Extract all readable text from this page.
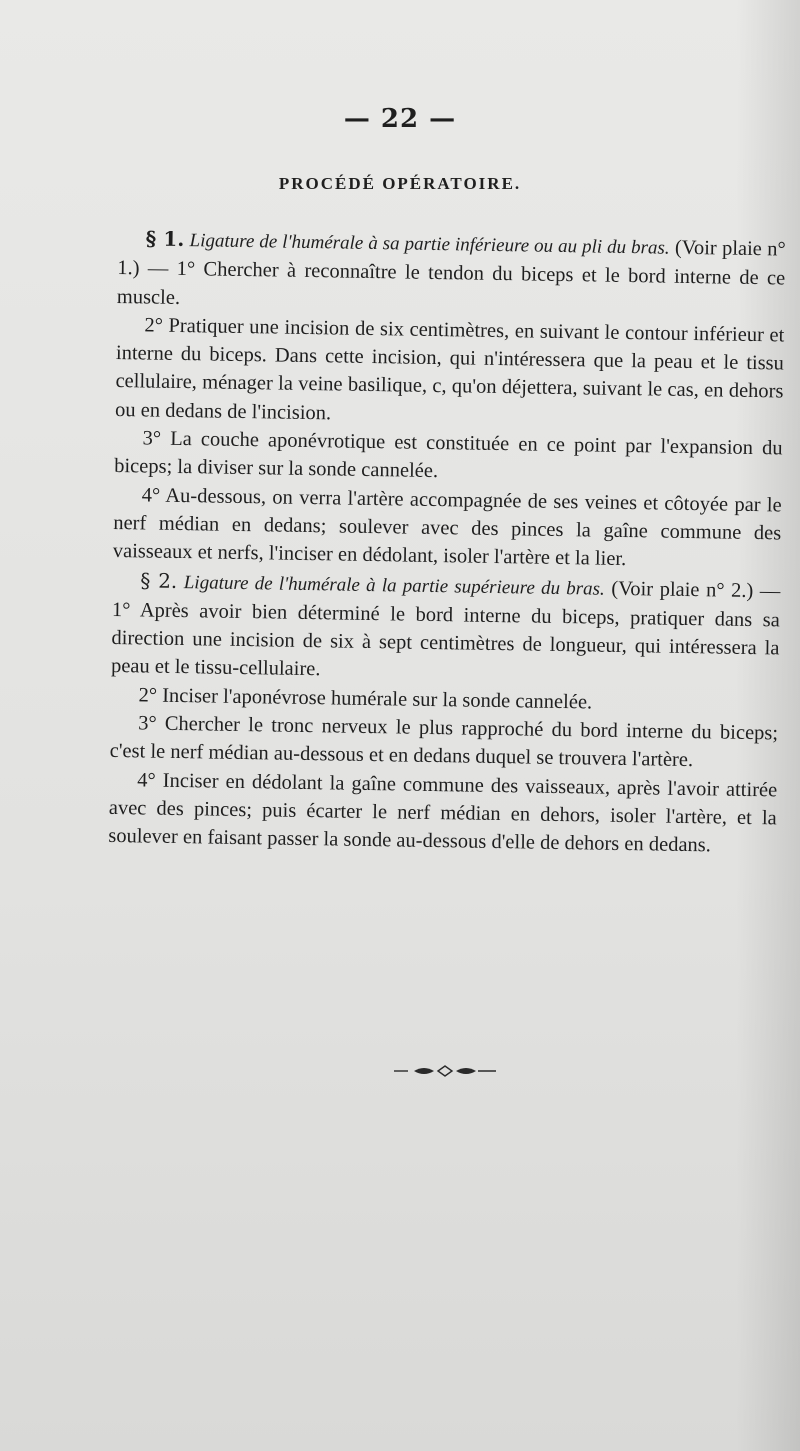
— 22 —
PROCÉDÉ OPÉRATOIRE.

§ 1. Ligature de l'humérale à sa partie inférieure ou au pli du bras. (Voir plaie n° 1.) — 1° Chercher à reconnaître le tendon du biceps et le bord interne de ce muscle.

2° Pratiquer une incision de six centimètres, en suivant le contour inférieur et interne du biceps. Dans cette incision, qui n'intéressera que la peau et le tissu cellulaire, ménager la veine basilique, c, qu'on déjettera, suivant le cas, en dehors ou en dedans de l'incision.

3° La couche aponévrotique est constituée en ce point par l'expansion du biceps; la diviser sur la sonde cannelée.

4° Au-dessous, on verra l'artère accompagnée de ses veines et côtoyée par le nerf médian en dedans; soulever avec des pinces la gaîne commune des vaisseaux et nerfs, l'inciser en dédolant, isoler l'artère et la lier.

§ 2. Ligature de l'humérale à la partie supérieure du bras. (Voir plaie n° 2.) — 1° Après avoir bien déterminé le bord interne du biceps, pratiquer dans sa direction une incision de six à sept centimètres de longueur, qui intéressera la peau et le tissu-cellulaire.

2° Inciser l'aponévrose humérale sur la sonde cannelée.

3° Chercher le tronc nerveux le plus rapproché du bord interne du biceps; c'est le nerf médian au-dessous et en dedans duquel se trouvera l'artère.

4° Inciser en dédolant la gaîne commune des vaisseaux, après l'avoir attirée avec des pinces; puis écarter le nerf médian en dehors, isoler l'artère, et la soulever en faisant passer la sonde au-dessous d'elle de dehors en dedans.
